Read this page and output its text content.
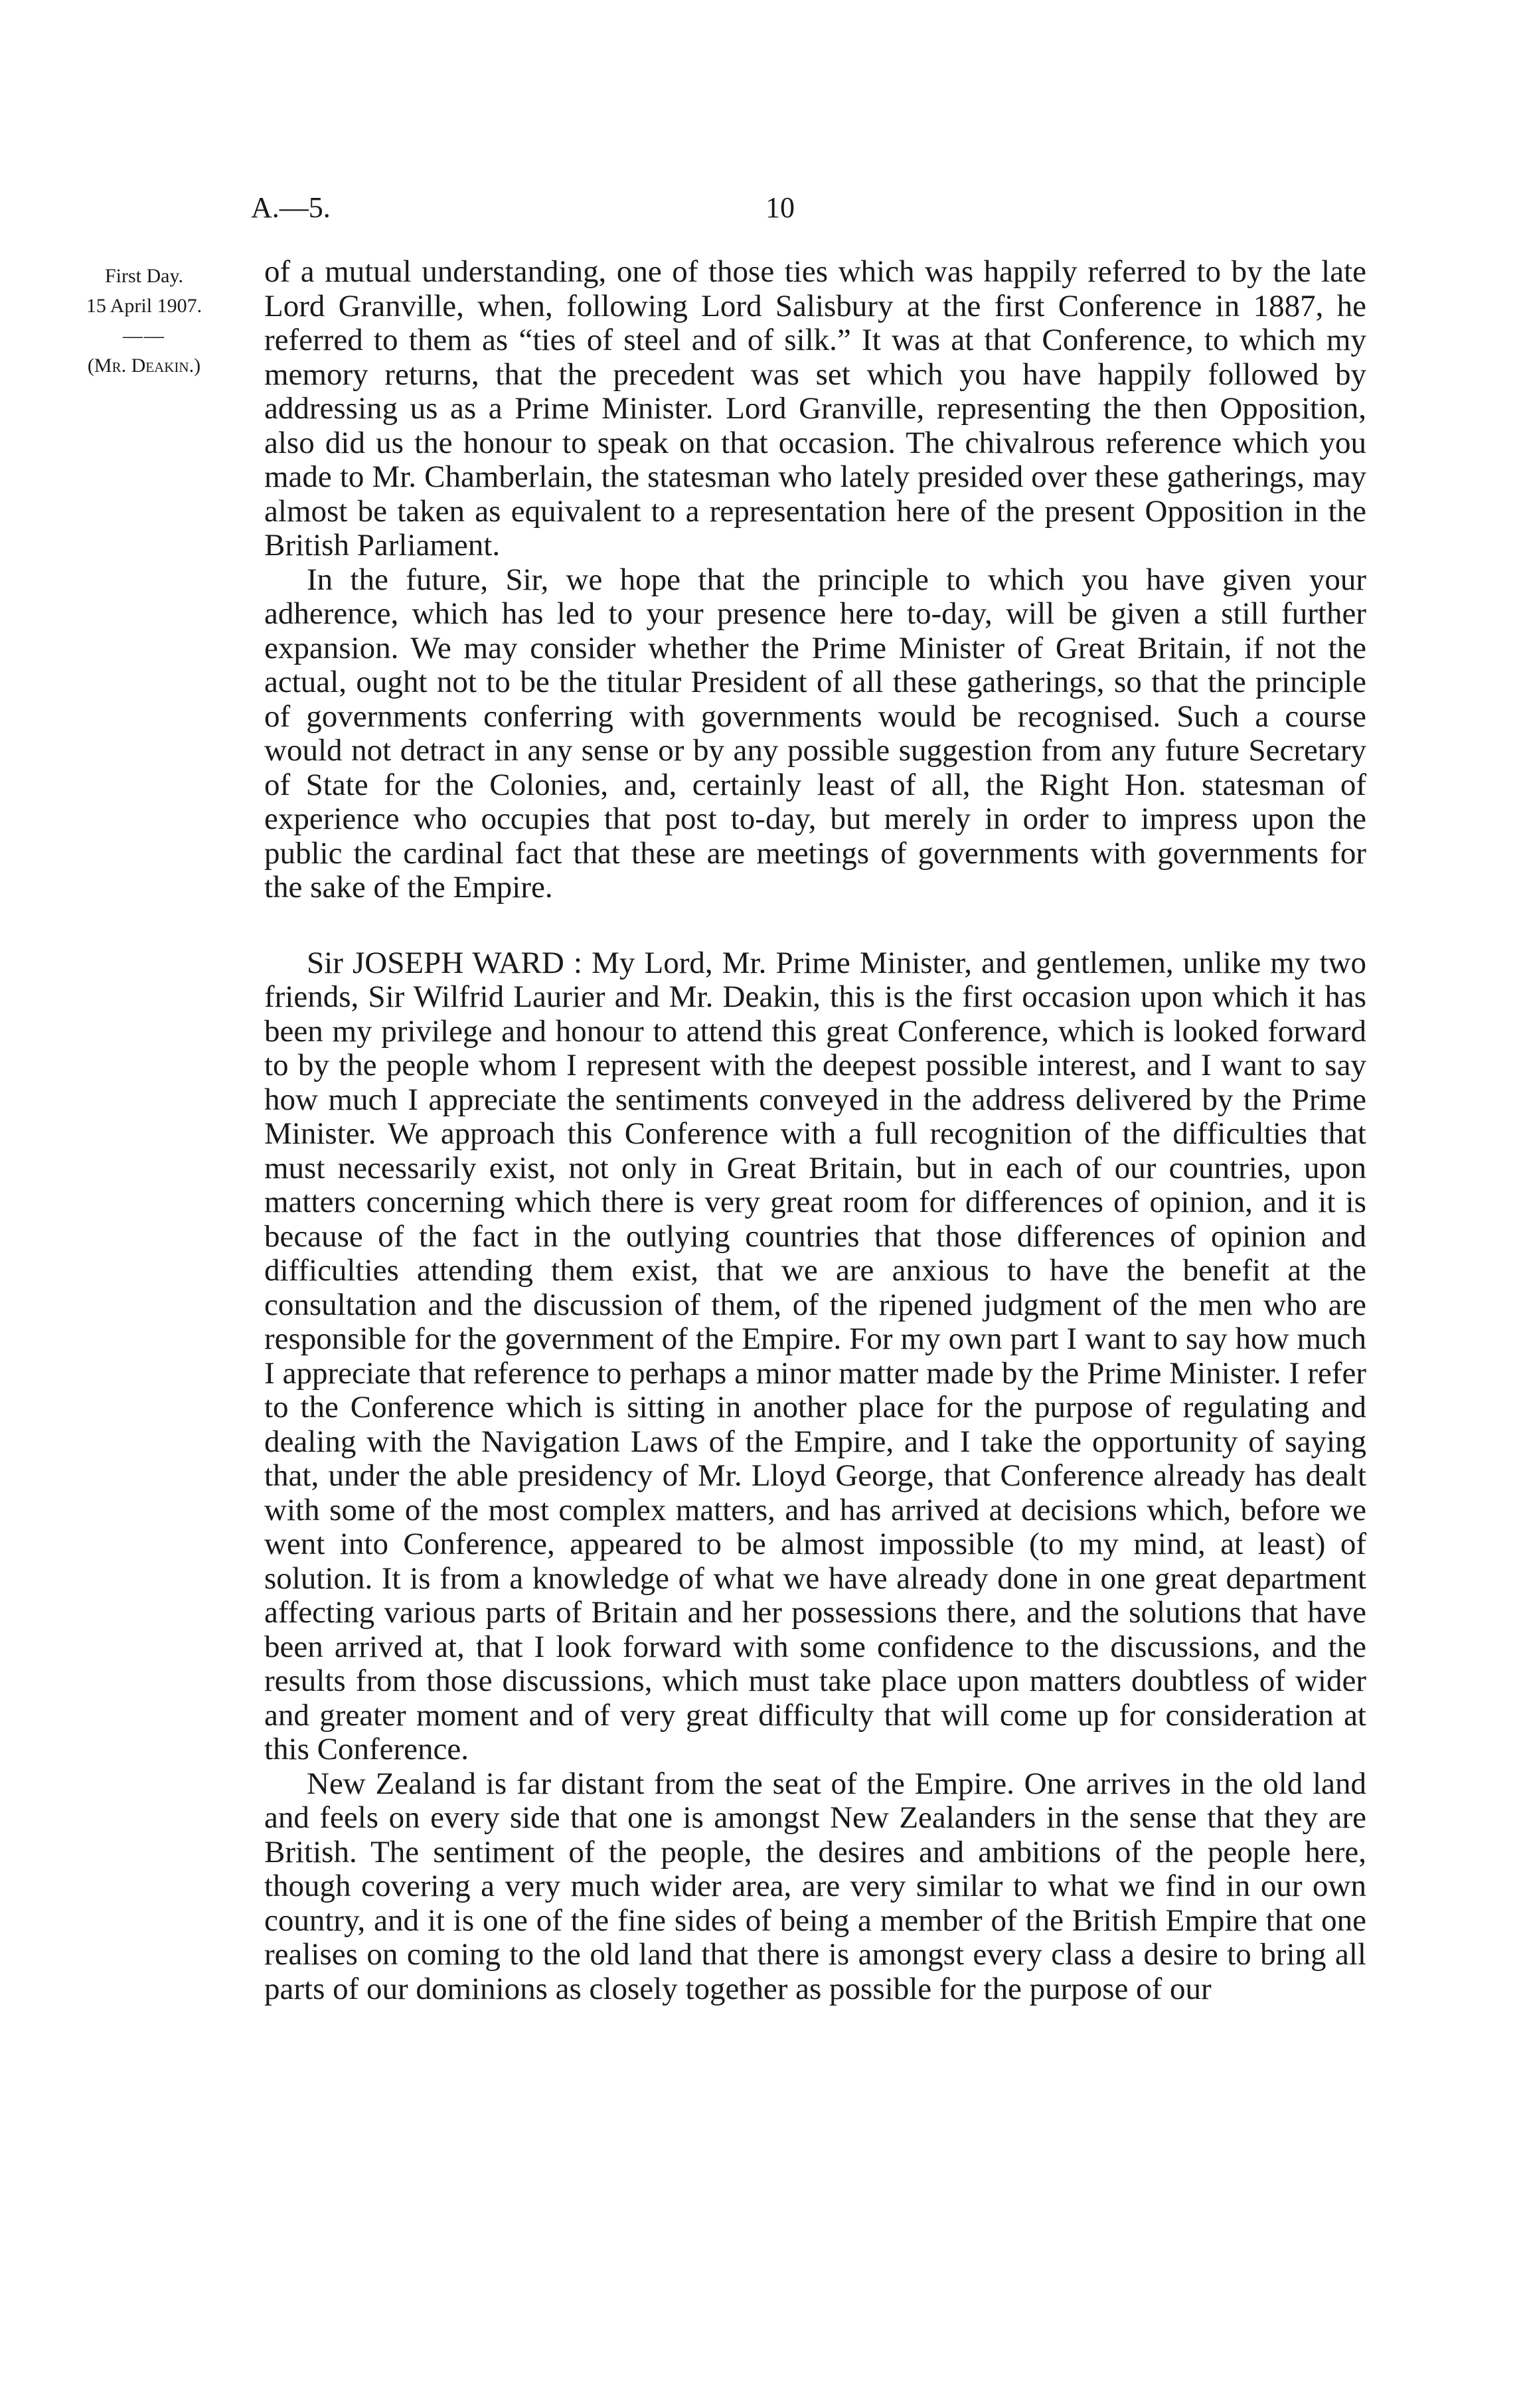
A.—5.	10
First Day.
15 April 1907.
——
(Mr. Deakin.)

of a mutual understanding, one of those ties which was happily referred to by the late Lord Granville, when, following Lord Salisbury at the first Conference in 1887, he referred to them as “ties of steel and of silk.” It was at that Conference, to which my memory returns, that the precedent was set which you have happily followed by addressing us as a Prime Minister. Lord Granville, representing the then Opposition, also did us the honour to speak on that occasion. The chivalrous reference which you made to Mr. Chamberlain, the statesman who lately presided over these gatherings, may almost be taken as equivalent to a representation here of the present Opposition in the British Parliament.

In the future, Sir, we hope that the principle to which you have given your adherence, which has led to your presence here to-day, will be given a still further expansion. We may consider whether the Prime Minister of Great Britain, if not the actual, ought not to be the titular President of all these gatherings, so that the principle of governments conferring with governments would be recognised. Such a course would not detract in any sense or by any possible suggestion from any future Secretary of State for the Colonies, and, certainly least of all, the Right Hon. statesman of experience who occupies that post to-day, but merely in order to impress upon the public the cardinal fact that these are meetings of governments with governments for the sake of the Empire.

Sir JOSEPH WARD : My Lord, Mr. Prime Minister, and gentlemen, unlike my two friends, Sir Wilfrid Laurier and Mr. Deakin, this is the first occasion upon which it has been my privilege and honour to attend this great Conference, which is looked forward to by the people whom I represent with the deepest possible interest, and I want to say how much I appreciate the sentiments conveyed in the address delivered by the Prime Minister. We approach this Conference with a full recognition of the difficulties that must necessarily exist, not only in Great Britain, but in each of our countries, upon matters concerning which there is very great room for differences of opinion, and it is because of the fact in the outlying countries that those differences of opinion and difficulties attending them exist, that we are anxious to have the benefit at the consultation and the discussion of them, of the ripened judgment of the men who are responsible for the government of the Empire. For my own part I want to say how much I appreciate that reference to perhaps a minor matter made by the Prime Minister. I refer to the Conference which is sitting in another place for the purpose of regulating and dealing with the Navigation Laws of the Empire, and I take the opportunity of saying that, under the able presidency of Mr. Lloyd George, that Conference already has dealt with some of the most complex matters, and has arrived at decisions which, before we went into Conference, appeared to be almost impossible (to my mind, at least) of solution. It is from a knowledge of what we have already done in one great department affecting various parts of Britain and her possessions there, and the solutions that have been arrived at, that I look forward with some confidence to the discussions, and the results from those discussions, which must take place upon matters doubtless of wider and greater moment and of very great difficulty that will come up for consideration at this Conference.

New Zealand is far distant from the seat of the Empire. One arrives in the old land and feels on every side that one is amongst New Zealanders in the sense that they are British. The sentiment of the people, the desires and ambitions of the people here, though covering a very much wider area, are very similar to what we find in our own country, and it is one of the fine sides of being a member of the British Empire that one realises on coming to the old land that there is amongst every class a desire to bring all parts of our dominions as closely together as possible for the purpose of our
